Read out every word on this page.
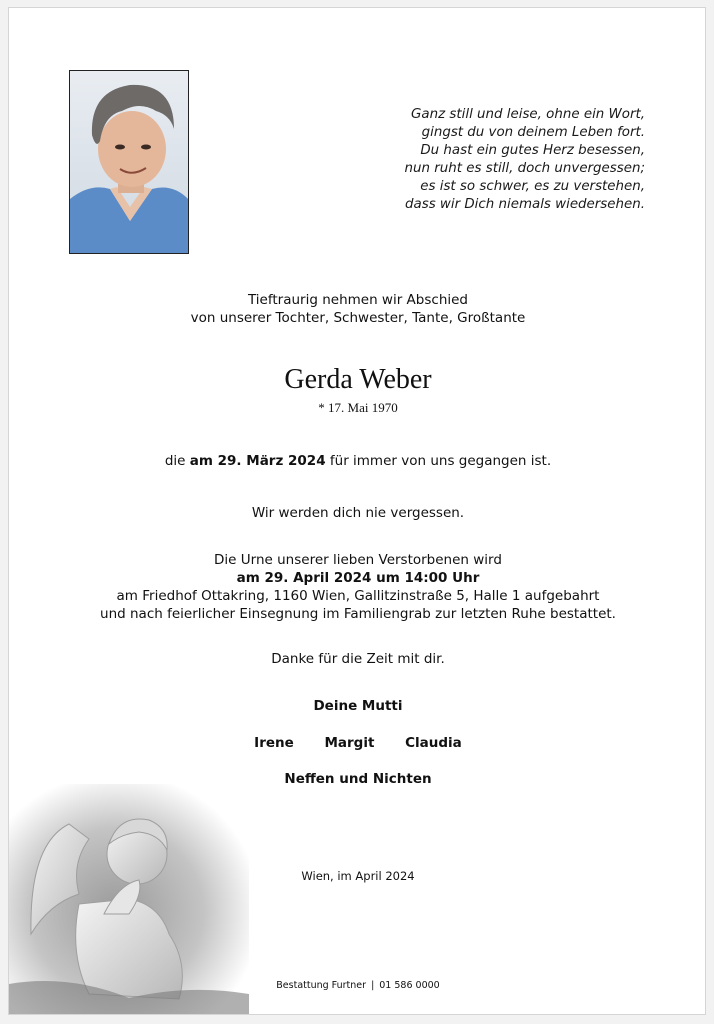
Ganz still und leise, ohne ein Wort,
gingst du von deinem Leben fort.
Du hast ein gutes Herz besessen,
nun ruht es still, doch unvergessen;
es ist so schwer, es zu verstehen,
dass wir Dich niemals wiedersehen.
Tieftraurig nehmen wir Abschied
von unserer Tochter, Schwester, Tante, Großtante
Gerda Weber
* 17. Mai 1970
die am 29. März 2024 für immer von uns gegangen ist.
Wir werden dich nie vergessen.
Die Urne unserer lieben Verstorbenen wird
am 29. April 2024 um 14:00 Uhr
am Friedhof Ottakring, 1160 Wien, Gallitzinstraße 5, Halle 1 aufgebahrt
und nach feierlicher Einsegnung im Familiengrab zur letzten Ruhe bestattet.
Danke für die Zeit mit dir.
Deine Mutti
Irene Margit Claudia
Neffen und Nichten
Wien, im April 2024
Bestattung Furtner | 01 586 0000
